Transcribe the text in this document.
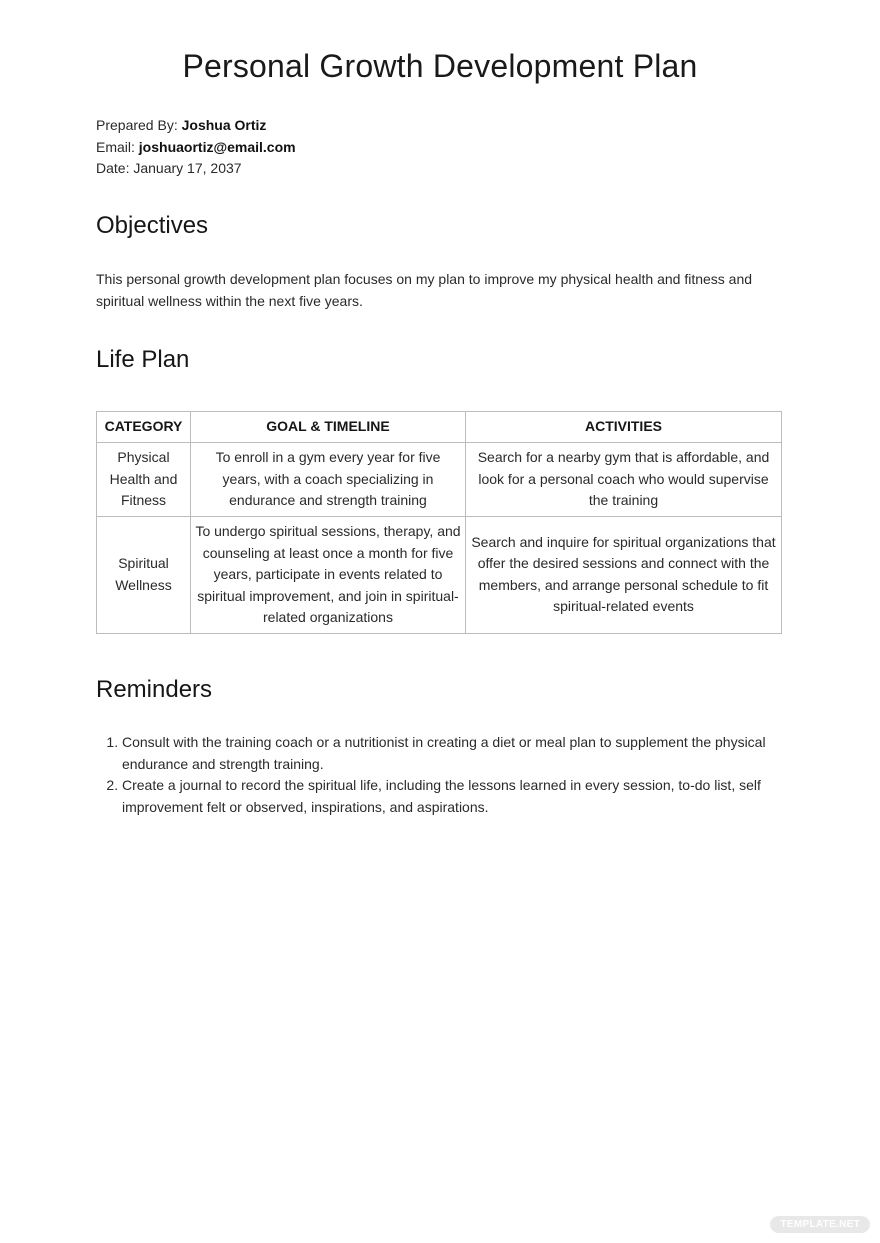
Personal Growth Development Plan
Prepared By: Joshua Ortiz
Email: joshuaortiz@email.com
Date: January 17, 2037
Objectives
This personal growth development plan focuses on my plan to improve my physical health and fitness and spiritual wellness within the next five years.
Life Plan
CATEGORY	GOAL & TIMELINE	ACTIVITIES
Physical Health and Fitness	To enroll in a gym every year for five years, with a coach specializing in endurance and strength training	Search for a nearby gym that is affordable, and look for a personal coach who would supervise the training
Spiritual Wellness	To undergo spiritual sessions, therapy, and counseling at least once a month for five years, participate in events related to spiritual improvement, and join in spiritual-related organizations	Search and inquire for spiritual organizations that offer the desired sessions and connect with the members, and arrange personal schedule to fit spiritual-related events
Reminders
1. Consult with the training coach or a nutritionist in creating a diet or meal plan to supplement the physical endurance and strength training.
2. Create a journal to record the spiritual life, including the lessons learned in every session, to-do list, self improvement felt or observed, inspirations, and aspirations.
TEMPLATE.NET
